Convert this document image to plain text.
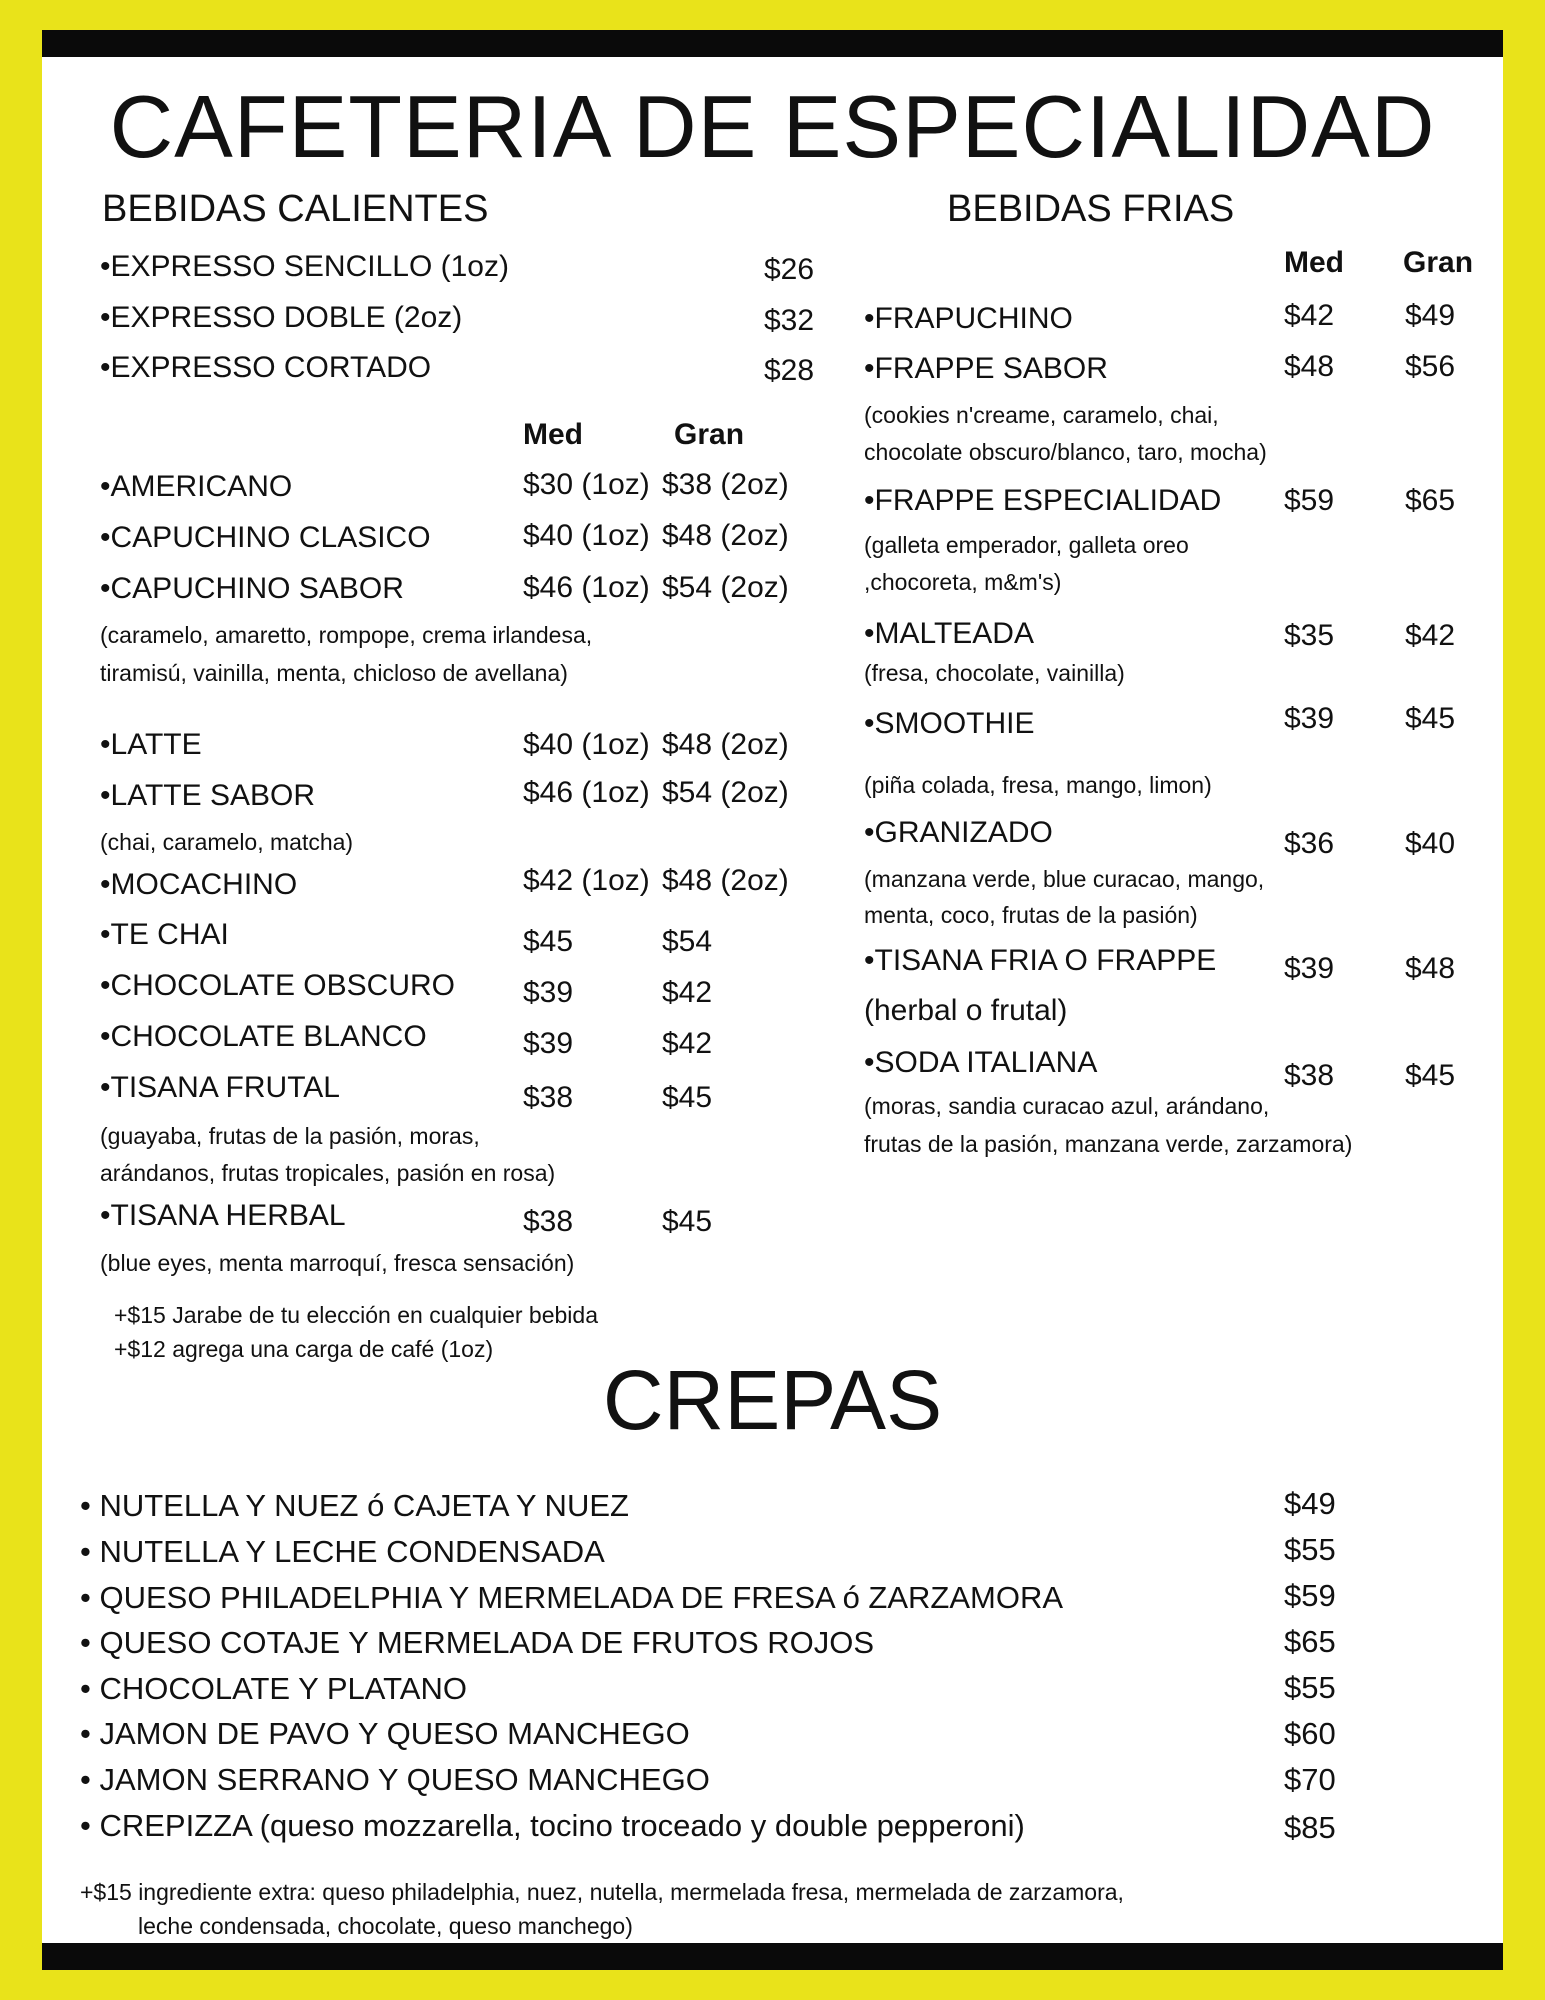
CAFETERIA DE ESPECIALIDAD
BEBIDAS CALIENTES
•EXPRESSO SENCILLO (1oz)	$26
•EXPRESSO DOBLE (2oz)	$32
•EXPRESSO CORTADO	$28
Med	Gran
•AMERICANO	$30 (1oz) $38 (2oz)
•CAPUCHINO CLASICO	$40 (1oz) $48 (2oz)
•CAPUCHINO SABOR	$46 (1oz) $54 (2oz)
(caramelo, amaretto, rompope, crema irlandesa,
tiramisú, vainilla, menta, chicloso de avellana)
•LATTE	$40 (1oz) $48 (2oz)
•LATTE SABOR	$46 (1oz) $54 (2oz)
(chai, caramelo, matcha)
•MOCACHINO	$42 (1oz) $48 (2oz)
•TE CHAI	$45	$54
•CHOCOLATE OBSCURO $39	$42
•CHOCOLATE BLANCO	$39	$42
•TISANA FRUTAL	$38	$45
(guayaba, frutas de la pasión, moras,
arándanos, frutas tropicales, pasión en rosa)
•TISANA HERBAL	$38	$45
(blue eyes, menta marroquí, fresca sensación)
+$15 Jarabe de tu elección en cualquier bebida
+$12 agrega una carga de café (1oz)
BEBIDAS FRIAS
Med Gran
•FRAPUCHINO	$42 $49
•FRAPPE SABOR	$48 $56
(cookies n'creame, caramelo, chai,
chocolate obscuro/blanco, taro, mocha)
•FRAPPE ESPECIALIDAD $59 $65
(galleta emperador, galleta oreo
,chocoreta, m&m's)
•MALTEADA	$35 $42
(fresa, chocolate, vainilla)
•SMOOTHIE	$39 $45
(piña colada, fresa, mango, limon)
•GRANIZADO	$36 $40
(manzana verde, blue curacao, mango,
menta, coco, frutas de la pasión)
•TISANA FRIA O FRAPPE $39 $48
(herbal o frutal)
•SODA ITALIANA	$38 $45
(moras, sandia curacao azul, arándano,
frutas de la pasión, manzana verde, zarzamora)
CREPAS
• NUTELLA Y NUEZ ó CAJETA Y NUEZ	$49
• NUTELLA Y LECHE CONDENSADA	$55
• QUESO PHILADELPHIA Y MERMELADA DE FRESA ó ZARZAMORA	$59
• QUESO COTAJE Y MERMELADA DE FRUTOS ROJOS	$65
• CHOCOLATE Y PLATANO	$55
• JAMON DE PAVO Y QUESO MANCHEGO	$60
• JAMON SERRANO Y QUESO MANCHEGO	$70
• CREPIZZA (queso mozzarella, tocino troceado y double pepperoni)	$85
+$15 ingrediente extra: queso philadelphia, nuez, nutella, mermelada fresa, mermelada de zarzamora,
leche condensada, chocolate, queso manchego)
